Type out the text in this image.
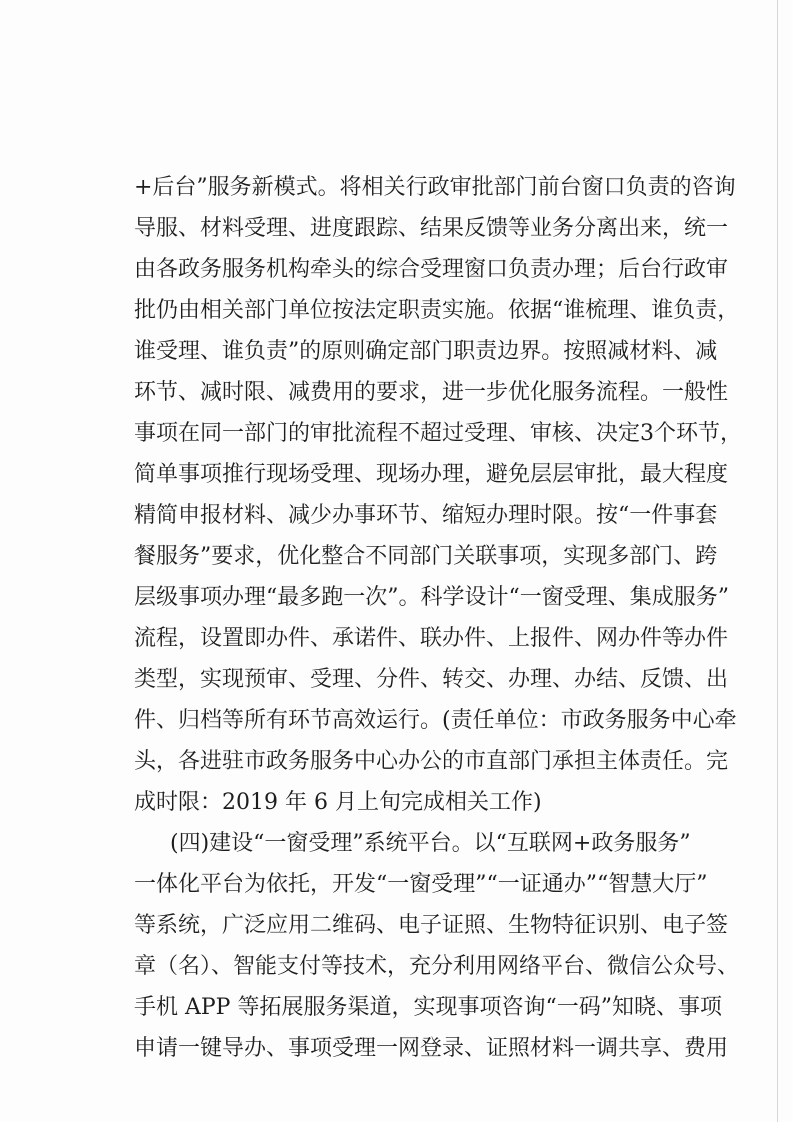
+后台”服务新模式。将相关行政审批部门前台窗口负责的咨询
导服、材料受理、进度跟踪、结果反馈等业务分离出来，统一
由各政务服务机构牵头的综合受理窗口负责办理；后台行政审
批仍由相关部门单位按法定职责实施。依据“谁梳理、谁负责，
谁受理、谁负责”的原则确定部门职责边界。按照减材料、减
环节、减时限、减费用的要求，进一步优化服务流程。一般性
事项在同一部门的审批流程不超过受理、审核、决定3个环节，
简单事项推行现场受理、现场办理，避免层层审批，最大程度
精简申报材料、减少办事环节、缩短办理时限。按“一件事套
餐服务”要求，优化整合不同部门关联事项，实现多部门、跨
层级事项办理“最多跑一次”。科学设计“一窗受理、集成服务”
流程，设置即办件、承诺件、联办件、上报件、网办件等办件
类型，实现预审、受理、分件、转交、办理、办结、反馈、出
件、归档等所有环节高效运行。(责任单位：市政务服务中心牵
头，各进驻市政务服务中心办公的市直部门承担主体责任。完
成时限：2019 年 6 月上旬完成相关工作)
(四)建设“一窗受理”系统平台。以“互联网+政务服务”
一体化平台为依托，开发“一窗受理”“一证通办”“智慧大厅”
等系统，广泛应用二维码、电子证照、生物特征识别、电子签
章（名）、智能支付等技术，充分利用网络平台、微信公众号、
手机 APP 等拓展服务渠道，实现事项咨询“一码”知晓、事项
申请一键导办、事项受理一网登录、证照材料一调共享、费用
